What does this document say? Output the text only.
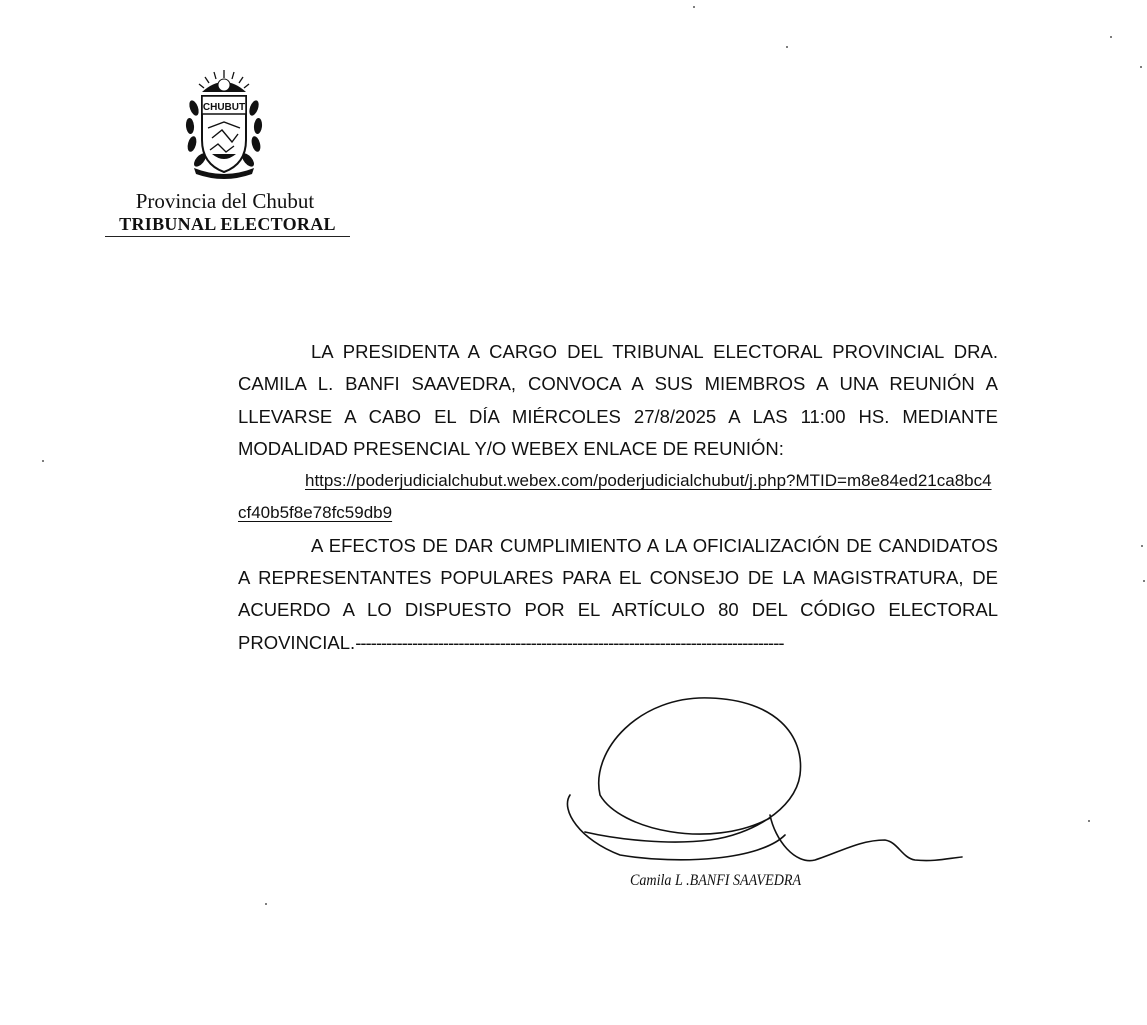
CHUBUT
Provincia del Chubut
TRIBUNAL ELECTORAL

LA PRESIDENTA A CARGO DEL TRIBUNAL ELECTORAL PROVINCIAL DRA. CAMILA L. BANFI SAAVEDRA, CONVOCA A SUS MIEMBROS A UNA REUNIÓN A LLEVARSE A CABO EL DÍA MIÉRCOLES 27/8/2025 A LAS 11:00 HS. MEDIANTE MODALIDAD PRESENCIAL Y/O WEBEX ENLACE DE REUNIÓN:

https://poderjudicialchubut.webex.com/poderjudicialchubut/j.php?MTID=m8e84ed21ca8bc4cf40b5f8e78fc59db9

A EFECTOS DE DAR CUMPLIMIENTO A LA OFICIALIZACIÓN DE CANDIDATOS A REPRESENTANTES POPULARES PARA EL CONSEJO DE LA MAGISTRATURA, DE ACUERDO A LO DISPUESTO POR EL ARTÍCULO 80 DEL CÓDIGO ELECTORAL PROVINCIAL.-----------------------------------------------------------------------------------

Camila L .BANFI SAAVEDRA
